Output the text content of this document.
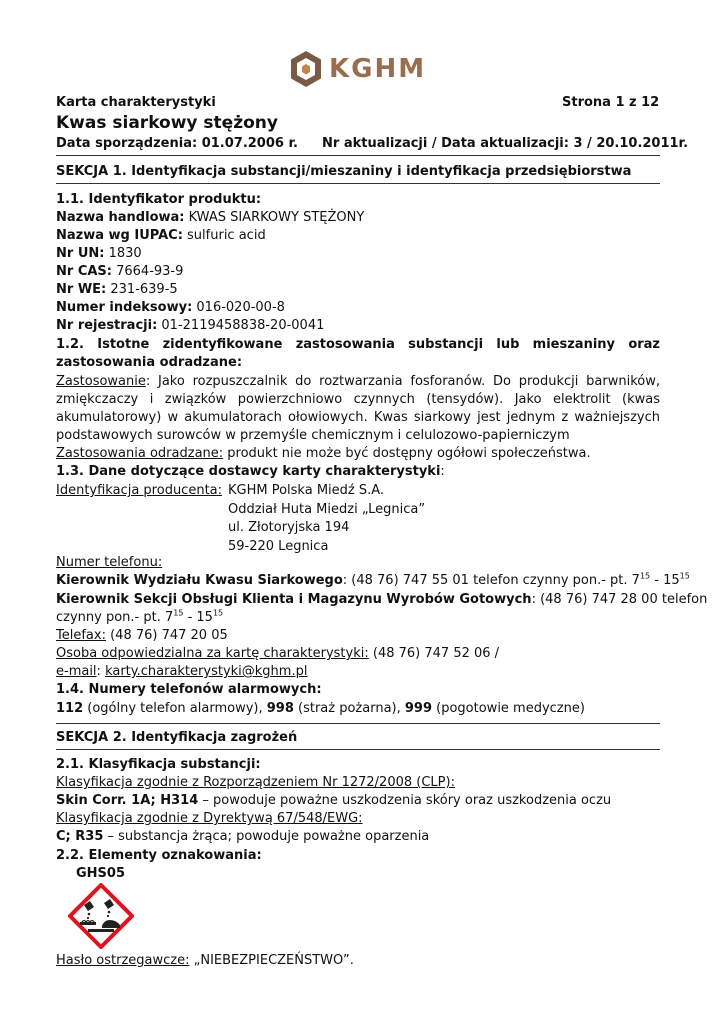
KGHM
Karta charakterystyki	Strona 1 z 12
Kwas siarkowy stężony
Data sporządzenia: 01.07.2006 r. Nr aktualizacji / Data aktualizacji: 3 / 20.10.2011r.
SEKCJA 1. Identyfikacja substancji/mieszaniny i identyfikacja przedsiębiorstwa
1.1. Identyfikator produktu:
Nazwa handlowa: KWAS SIARKOWY STĘŻONY
Nazwa wg IUPAC: sulfuric acid
Nr UN: 1830
Nr CAS: 7664-93-9
Nr WE: 231-639-5
Numer indeksowy: 016-020-00-8
Nr rejestracji: 01-2119458838-20-0041
1.2. Istotne zidentyfikowane zastosowania substancji lub mieszaniny oraz zastosowania odradzane:
Zastosowanie: Jako rozpuszczalnik do roztwarzania fosforanów. Do produkcji barwników, zmiękczaczy i związków powierzchniowo czynnych (tensydów). Jako elektrolit (kwas akumulatorowy) w akumulatorach ołowiowych. Kwas siarkowy jest jednym z ważniejszych podstawowych surowców w przemyśle chemicznym i celulozowo-papierniczym
Zastosowania odradzane: produkt nie może być dostępny ogółowi społeczeństwa.
1.3. Dane dotyczące dostawcy karty charakterystyki:
Identyfikacja producenta: KGHM Polska Miedź S.A.
Oddział Huta Miedzi „Legnica”
ul. Złotoryjska 194
59-220 Legnica
Numer telefonu:
Kierownik Wydziału Kwasu Siarkowego: (48 76) 747 55 01 telefon czynny pon.- pt. $7^{15} - 15^{15}$
Kierownik Sekcji Obsługi Klienta i Magazynu Wyrobów Gotowych: (48 76) 747 28 00 telefon
czynny pon.- pt. $7^{15} - 15^{15}$
Telefax: (48 76) 747 20 05
Osoba odpowiedzialna za kartę charakterystyki: (48 76) 747 52 06 /
e-mail: karty.charakterystyki@kghm.pl
1.4. Numery telefonów alarmowych:
112 (ogólny telefon alarmowy), 998 (straż pożarna), 999 (pogotowie medyczne)
SEKCJA 2. Identyfikacja zagrożeń
2.1. Klasyfikacja substancji:
Klasyfikacja zgodnie z Rozporządzeniem Nr 1272/2008 (CLP):
Skin Corr. 1A; H314 – powoduje poważne uszkodzenia skóry oraz uszkodzenia oczu
Klasyfikacja zgodnie z Dyrektywą 67/548/EWG:
C; R35 – substancja żrąca; powoduje poważne oparzenia
2.2. Elementy oznakowania:
GHS05
Hasło ostrzegawcze: „NIEBEZPIECZEŃSTWO”.
